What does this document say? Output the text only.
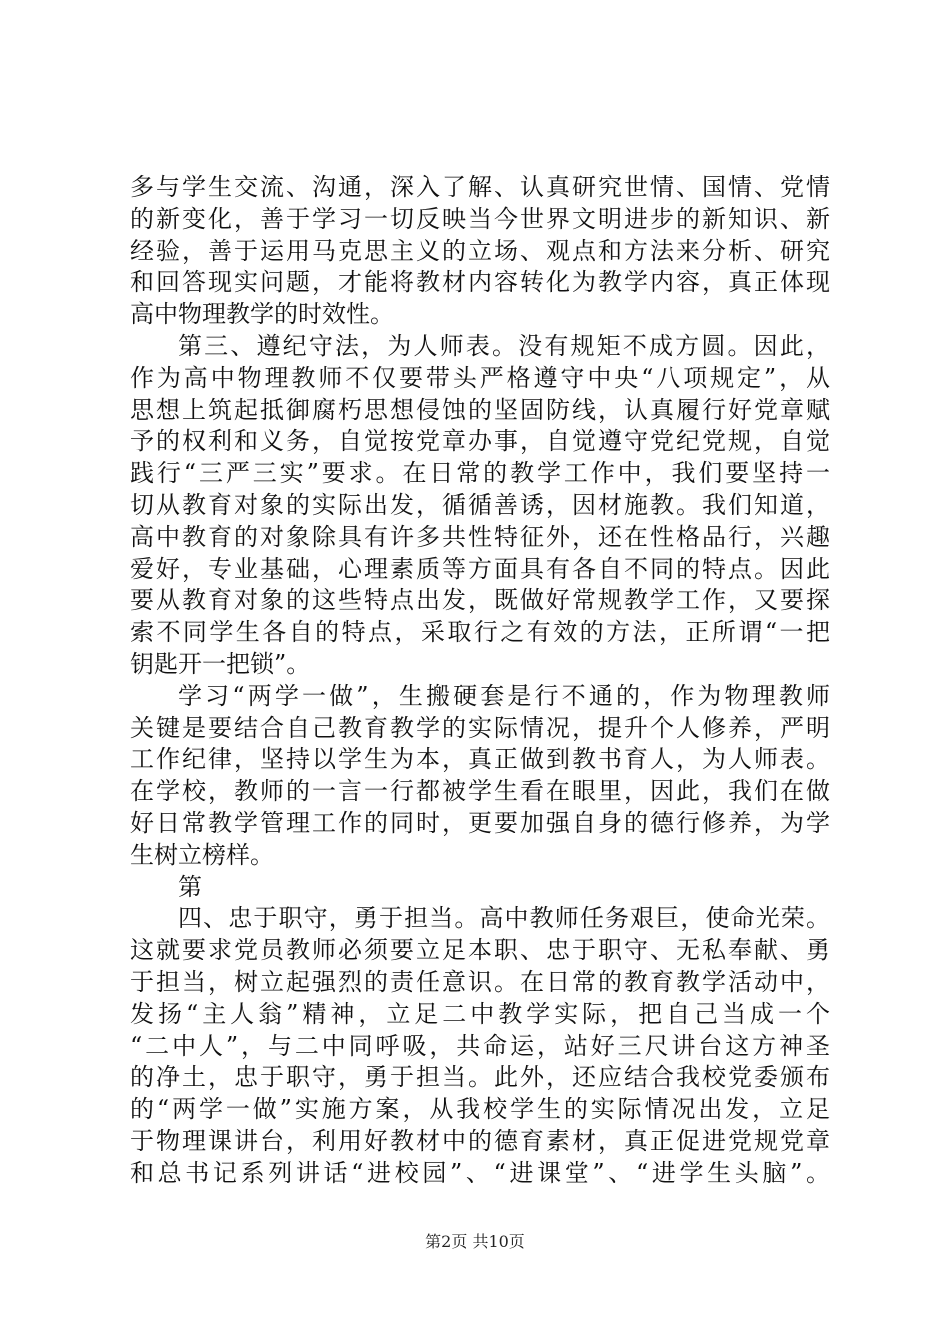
多与学生交流、沟通，深入了解、认真研究世情、国情、党情
的新变化，善于学习一切反映当今世界文明进步的新知识、新
经验，善于运用马克思主义的立场、观点和方法来分析、研究
和回答现实问题，才能将教材内容转化为教学内容，真正体现
高中物理教学的时效性。
第三、遵纪守法，为人师表。没有规矩不成方圆。因此，
作为高中物理教师不仅要带头严格遵守中央“八项规定”，从
思想上筑起抵御腐朽思想侵蚀的坚固防线，认真履行好党章赋
予的权利和义务，自觉按党章办事，自觉遵守党纪党规，自觉
践行“三严三实”要求。在日常的教学工作中，我们要坚持一
切从教育对象的实际出发，循循善诱，因材施教。我们知道，
高中教育的对象除具有许多共性特征外，还在性格品行，兴趣
爱好，专业基础，心理素质等方面具有各自不同的特点。因此
要从教育对象的这些特点出发，既做好常规教学工作，又要探
索不同学生各自的特点，采取行之有效的方法，正所谓“一把
钥匙开一把锁”。
学习“两学一做”，生搬硬套是行不通的，作为物理教师
关键是要结合自己教育教学的实际情况，提升个人修养，严明
工作纪律，坚持以学生为本，真正做到教书育人，为人师表。
在学校，教师的一言一行都被学生看在眼里，因此，我们在做
好日常教学管理工作的同时，更要加强自身的德行修养，为学
生树立榜样。
第
四、忠于职守，勇于担当。高中教师任务艰巨，使命光荣。
这就要求党员教师必须要立足本职、忠于职守、无私奉献、勇
于担当，树立起强烈的责任意识。在日常的教育教学活动中，
发扬“主人翁”精神，立足二中教学实际，把自己当成一个
“二中人”，与二中同呼吸，共命运，站好三尺讲台这方神圣
的净土，忠于职守，勇于担当。此外，还应结合我校党委颁布
的“两学一做”实施方案，从我校学生的实际情况出发，立足
于物理课讲台，利用好教材中的德育素材，真正促进党规党章
和总书记系列讲话“进校园”、“进课堂”、“进学生头脑”。
第2页 共10页
